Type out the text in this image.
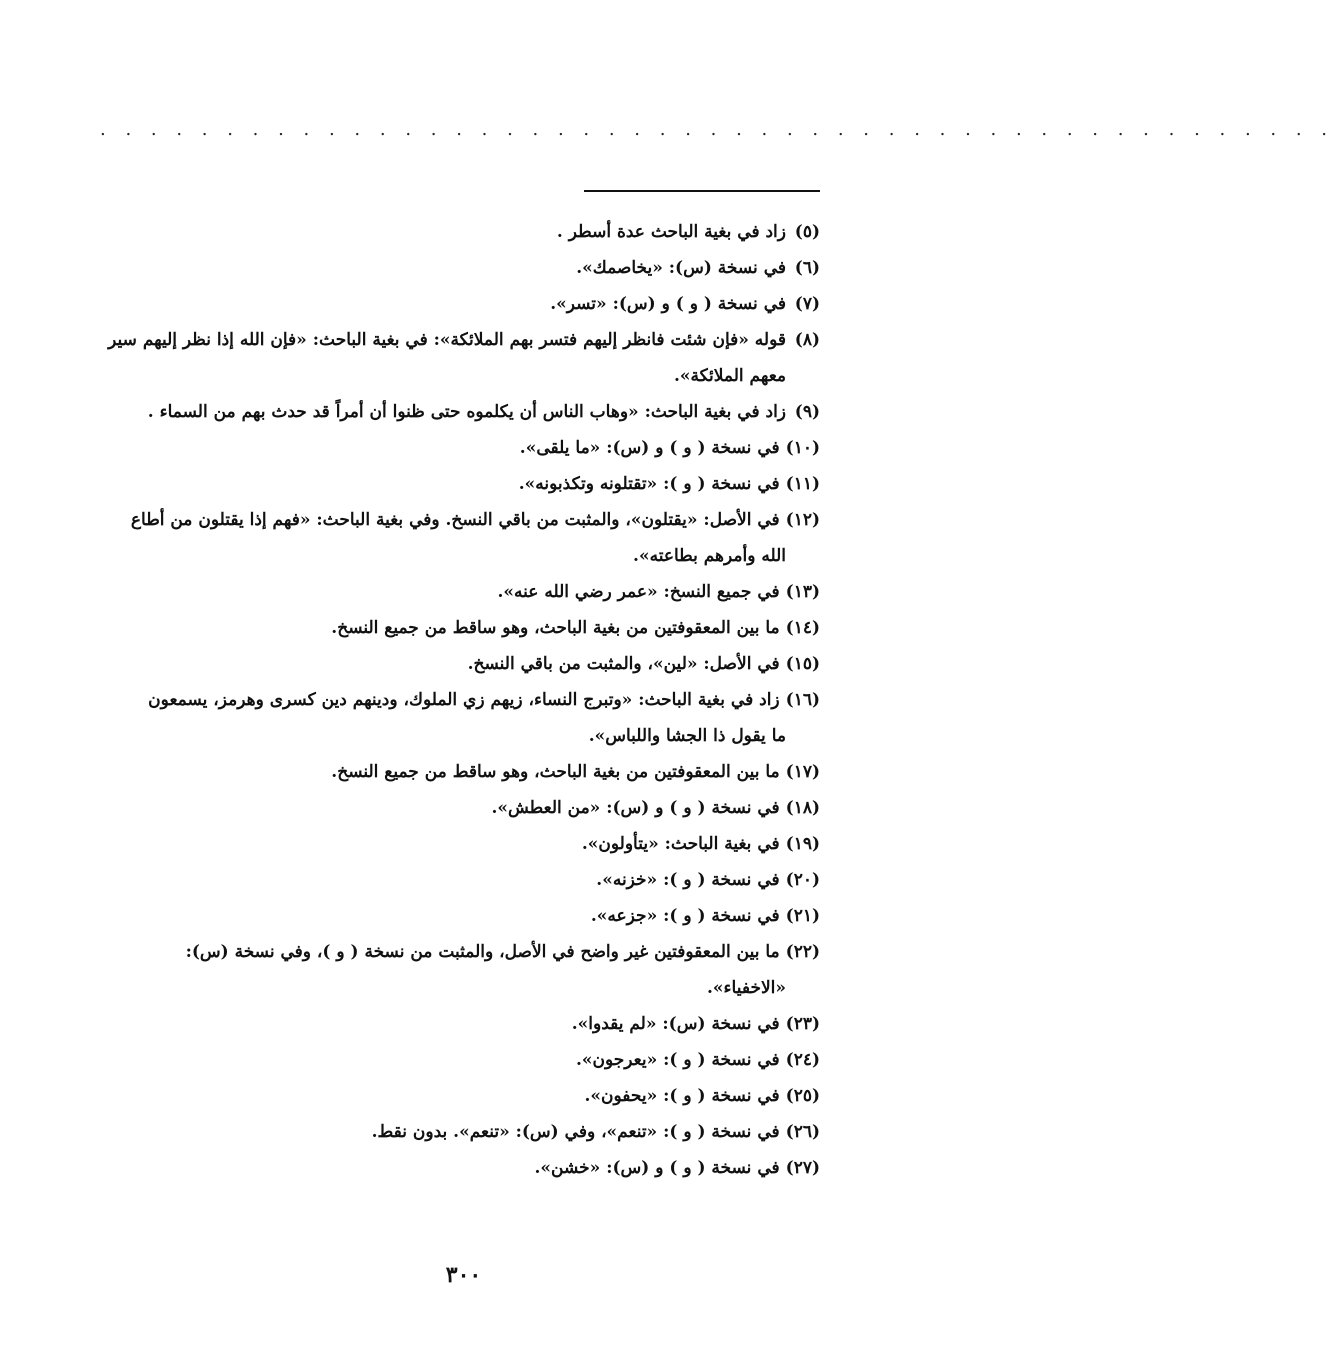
. . . . . . . . . . . . . . . . . . . . . . . . . . . . . . . . . . . . . . . . . . . . . . . . .
(٥)زاد في بغية الباحث عدة أسطر .
(٦)في نسخة (س): «يخاصمك».
(٧)في نسخة ( و ) و (س): «تسر».
(٨)قوله «فإن شئت فانظر إليهم فتسر بهم الملائكة»: في بغية الباحث: «فإن الله إذا نظر إليهم سير
معهم الملائكة».
(٩)زاد في بغية الباحث: «وهاب الناس أن يكلموه حتى ظنوا أن أمراً قد حدث بهم من السماء .
(١٠)في نسخة ( و ) و (س): «ما يلقى».
(١١)في نسخة ( و ): «تقتلونه وتكذبونه».
(١٢)في الأصل: «يقتلون»، والمثبت من باقي النسخ. وفي بغية الباحث: «فهم إذا يقتلون من أطاع
الله وأمرهم بطاعته».
(١٣)في جميع النسخ: «عمر رضي الله عنه».
(١٤)ما بين المعقوفتين من بغية الباحث، وهو ساقط من جميع النسخ.
(١٥)في الأصل: «لين»، والمثبت من باقي النسخ.
(١٦)زاد في بغية الباحث: «وتبرج النساء، زيهم زي الملوك، ودينهم دين كسرى وهرمز، يسمعون
ما يقول ذا الجشا واللباس».
(١٧)ما بين المعقوفتين من بغية الباحث، وهو ساقط من جميع النسخ.
(١٨)في نسخة ( و ) و (س): «من العطش».
(١٩)في بغية الباحث: «يتأولون».
(٢٠)في نسخة ( و ): «خزنه».
(٢١)في نسخة ( و ): «جزعه».
(٢٢)ما بين المعقوفتين غير واضح في الأصل، والمثبت من نسخة ( و )، وفي نسخة (س):
«الاخفياء».
(٢٣)في نسخة (س): «لم يقدوا».
(٢٤)في نسخة ( و ): «يعرجون».
(٢٥)في نسخة ( و ): «يحفون».
(٢٦)في نسخة ( و ): «تنعم»، وفي (س): «تنعم». بدون نقط.
(٢٧)في نسخة ( و ) و (س): «خشن».
٣٠٠
